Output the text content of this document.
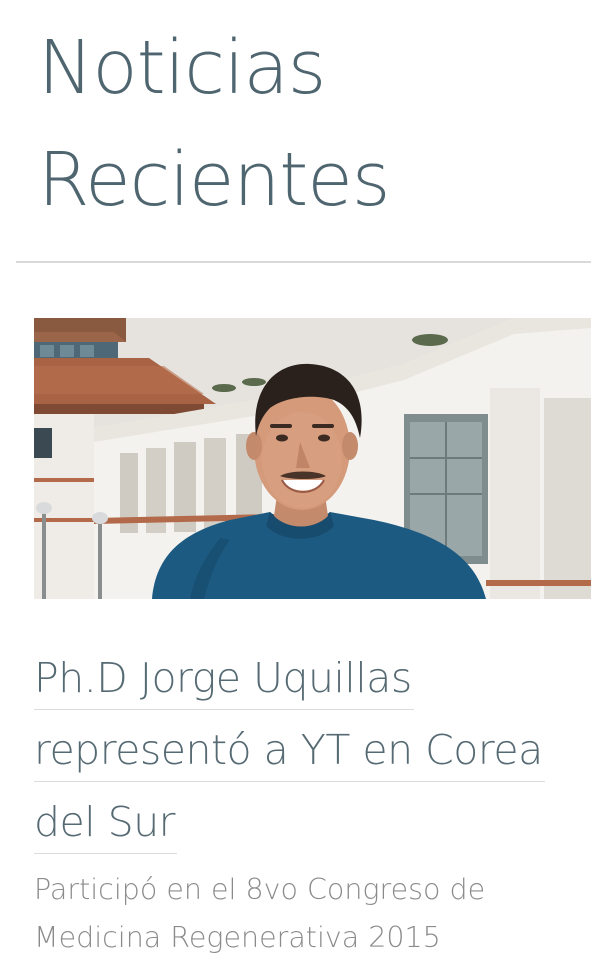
Noticias
Recientes
Ph.D Jorge Uquillas
representó a YT en Corea
del Sur

Participó en el 8vo Congreso de
Medicina Regenerativa 2015
